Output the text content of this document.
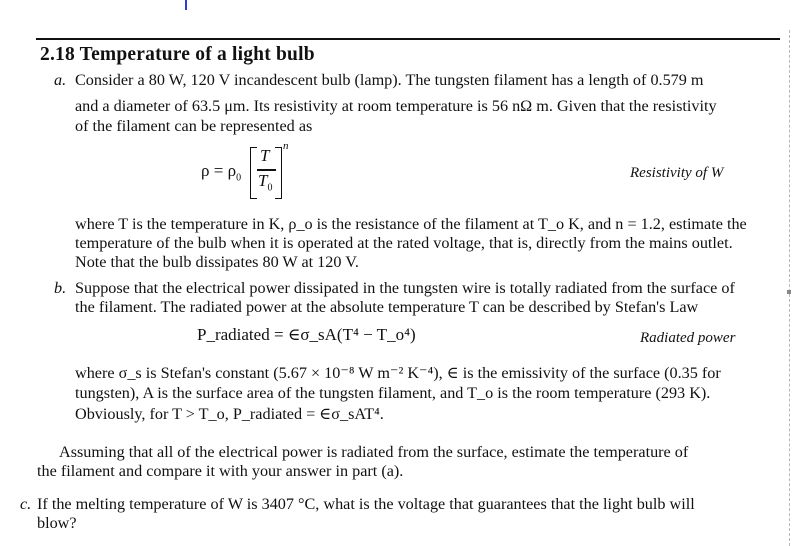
2.18 Temperature of a light bulb
a. Consider a 80 W, 120 V incandescent bulb (lamp). The tungsten filament has a length of 0.579 m
and a diameter of 63.5 μm. Its resistivity at room temperature is 56 nΩ m. Given that the resistivity
of the filament can be represented as
$\rho = \rho_0$
T
$T_0$
n
Resistivity of W
where T is the temperature in K, ρ_o is the resistance of the filament at T_o K, and n = 1.2, estimate the
temperature of the bulb when it is operated at the rated voltage, that is, directly from the mains outlet.
Note that the bulb dissipates 80 W at 120 V.
b. Suppose that the electrical power dissipated in the tungsten wire is totally radiated from the surface of
the filament. The radiated power at the absolute temperature T can be described by Stefan's Law
P_radiated = ∈σ_sA(T⁴ − T_o⁴)	Radiated power
where σ_s is Stefan's constant (5.67 × 10⁻⁸ W m⁻² K⁻⁴), ∈ is the emissivity of the surface (0.35 for
tungsten), A is the surface area of the tungsten filament, and T_o is the room temperature (293 K).
Obviously, for T > T_o, P_radiated = ∈σ_sAT⁴.
Assuming that all of the electrical power is radiated from the surface, estimate the temperature of
the filament and compare it with your answer in part (a).
c. If the melting temperature of W is 3407 °C, what is the voltage that guarantees that the light bulb will
blow?
